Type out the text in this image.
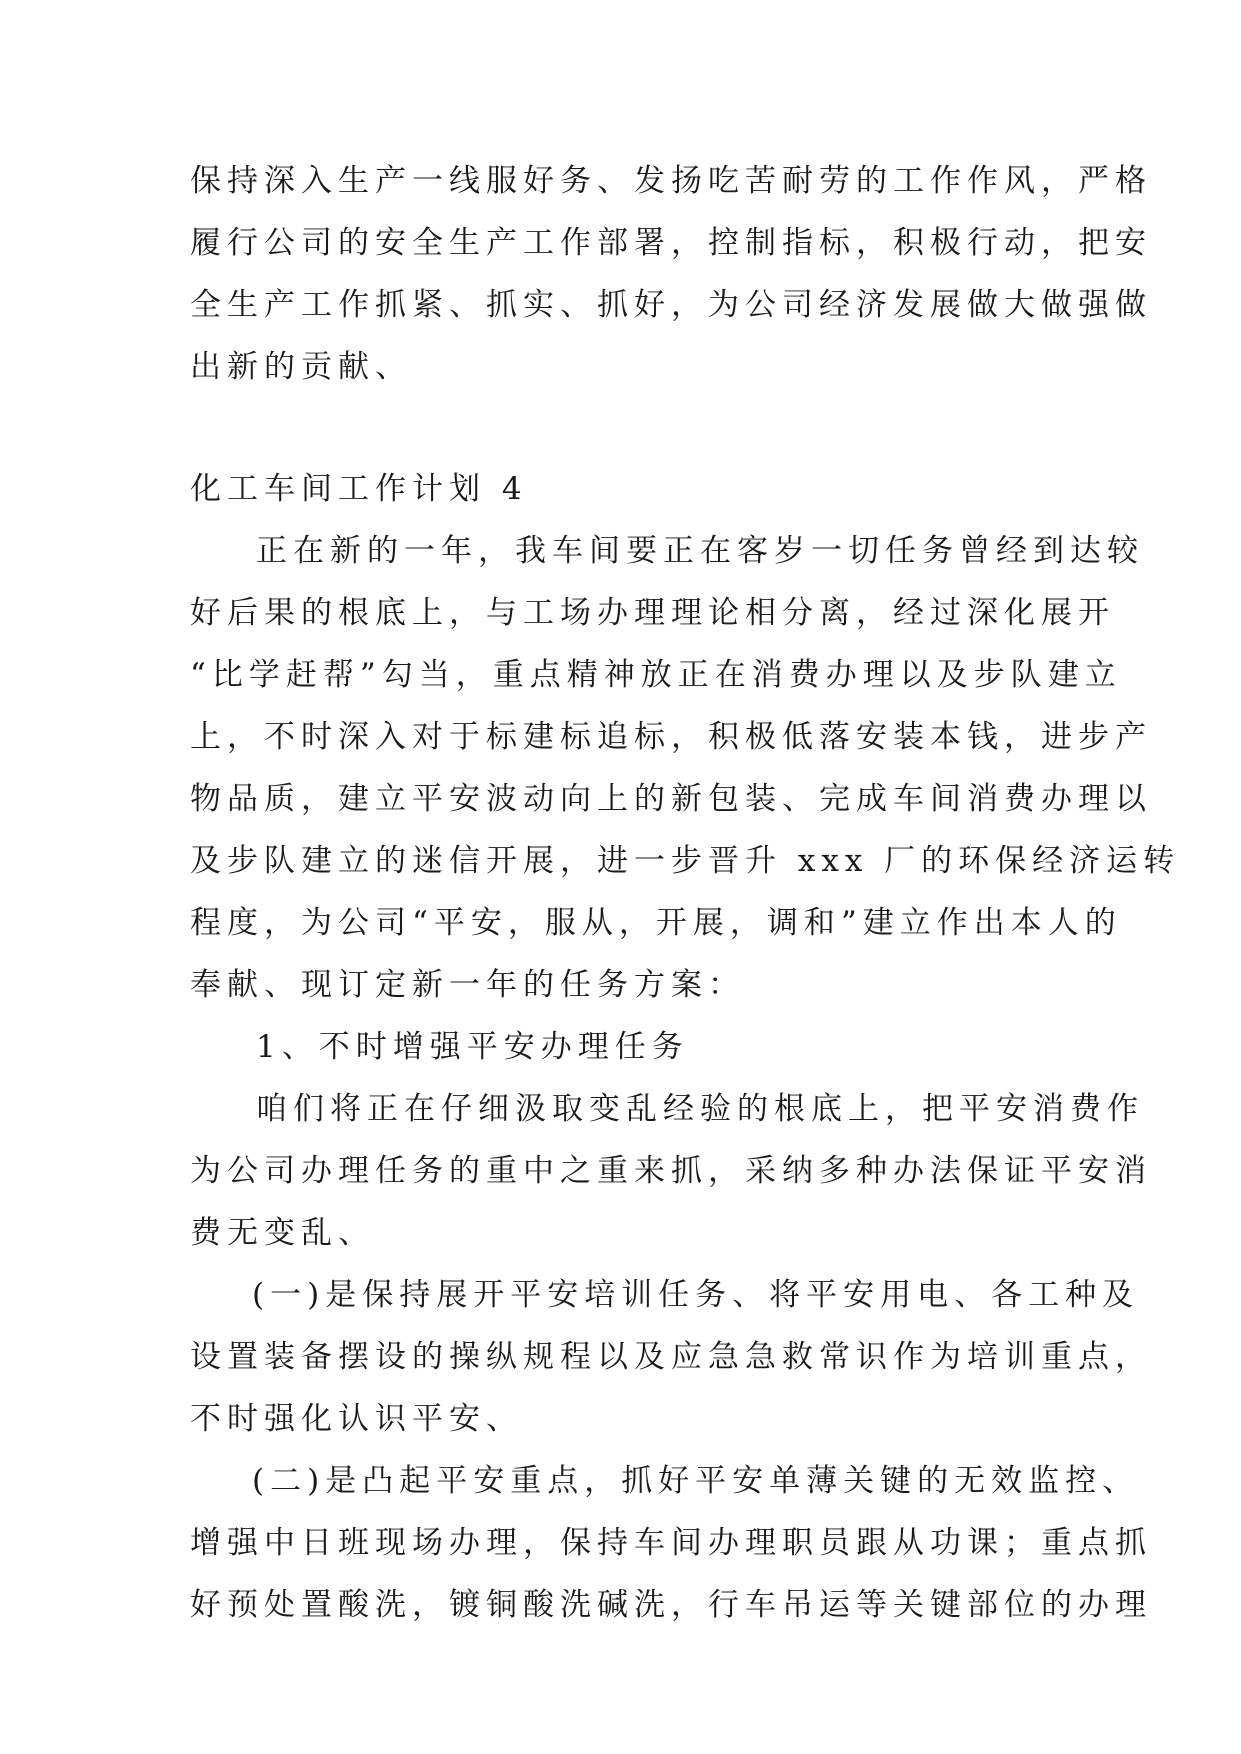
保持深入生产一线服好务、发扬吃苦耐劳的工作作风，严格
履行公司的安全生产工作部署，控制指标，积极行动，把安
全生产工作抓紧、抓实、抓好，为公司经济发展做大做强做
出新的贡献、
化工车间工作计划 4
正在新的一年，我车间要正在客岁一切任务曾经到达较
好后果的根底上，与工场办理理论相分离，经过深化展开
“比学赶帮”勾当，重点精神放正在消费办理以及步队建立
上，不时深入对于标建标追标，积极低落安装本钱，进步产
物品质，建立平安波动向上的新包装、完成车间消费办理以
及步队建立的迷信开展，进一步晋升 xxx 厂的环保经济运转
程度，为公司“平安，服从，开展，调和”建立作出本人的
奉献、现订定新一年的任务方案：
1、不时增强平安办理任务
咱们将正在仔细汲取变乱经验的根底上，把平安消费作
为公司办理任务的重中之重来抓，采纳多种办法保证平安消
费无变乱、
(一)是保持展开平安培训任务、将平安用电、各工种及
设置装备摆设的操纵规程以及应急急救常识作为培训重点，
不时强化认识平安、
(二)是凸起平安重点，抓好平安单薄关键的无效监控、
增强中日班现场办理，保持车间办理职员跟从功课；重点抓
好预处置酸洗，镀铜酸洗碱洗，行车吊运等关键部位的办理
